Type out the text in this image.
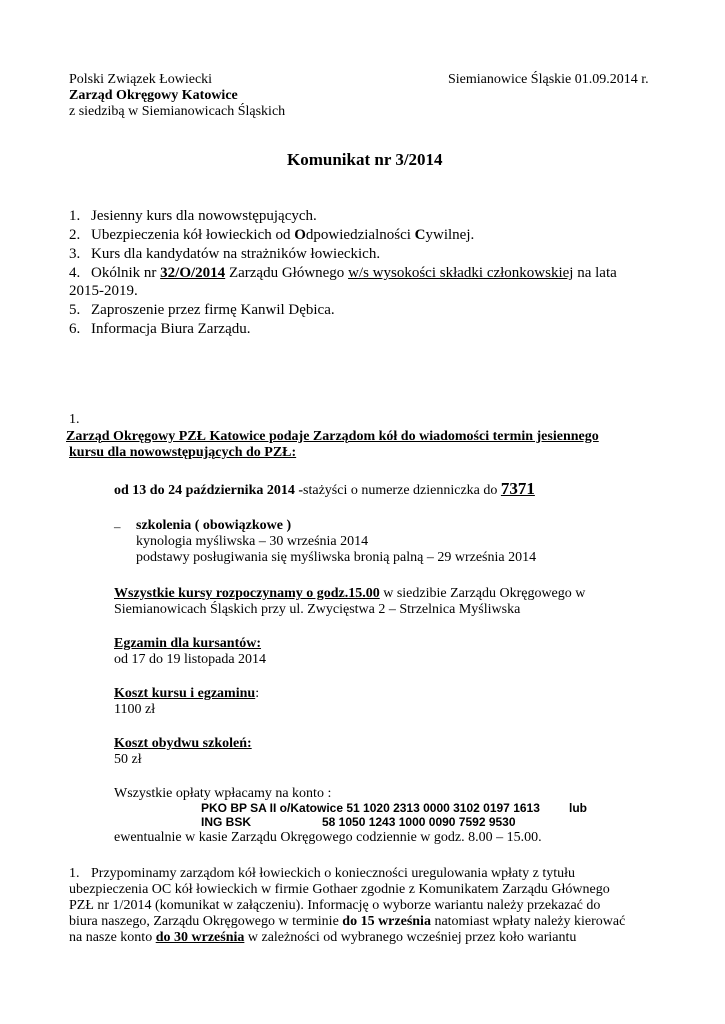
Polski Związek Łowiecki
Zarząd Okręgowy Katowice
z siedzibą w Siemianowicach Śląskich
Siemianowice Śląskie 01.09.2014 r.
Komunikat nr 3/2014
1. Jesienny kurs dla nowowstępujących.
2. Ubezpieczenia kół łowieckich od Odpowiedzialności Cywilnej.
3. Kurs dla kandydatów na strażników łowieckich.
4. Okólnik nr 32/O/2014 Zarządu Głównego w/s wysokości składki członkowskiej na lata
2015-2019.
5. Zaproszenie przez firmę Kanwil Dębica.
6. Informacja Biura Zarządu.
1.
Zarząd Okręgowy PZŁ Katowice podaje Zarządom kół do wiadomości termin jesiennego
kursu dla nowowstępujących do PZŁ:
od 13 do 24 października 2014 -stażyści o numerze dzienniczka do 7371
– szkolenia ( obowiązkowe )
kynologia myśliwska – 30 września 2014
podstawy posługiwania się myśliwska bronią palną – 29 września 2014
Wszystkie kursy rozpoczynamy o godz.15.00 w siedzibie Zarządu Okręgowego w
Siemianowicach Śląskich przy ul. Zwycięstwa 2 – Strzelnica Myśliwska
Egzamin dla kursantów:
od 17 do 19 listopada 2014
Koszt kursu i egzaminu:
1100 zł
Koszt obydwu szkoleń:
50 zł
Wszystkie opłaty wpłacamy na konto :
PKO BP SA II o/Katowice 51 1020 2313 0000 3102 0197 1613 lub
ING BSK	58 1050 1243 1000 0090 7592 9530
ewentualnie w kasie Zarządu Okręgowego codziennie w godz. 8.00 – 15.00.
1. Przypominamy zarządom kół łowieckich o konieczności uregulowania wpłaty z tytułu
ubezpieczenia OC kół łowieckich w firmie Gothaer zgodnie z Komunikatem Zarządu Głównego
PZŁ nr 1/2014 (komunikat w załączeniu). Informację o wyborze wariantu należy przekazać do
biura naszego, Zarządu Okręgowego w terminie do 15 września natomiast wpłaty należy kierować
na nasze konto do 30 września w zależności od wybranego wcześniej przez koło wariantu
